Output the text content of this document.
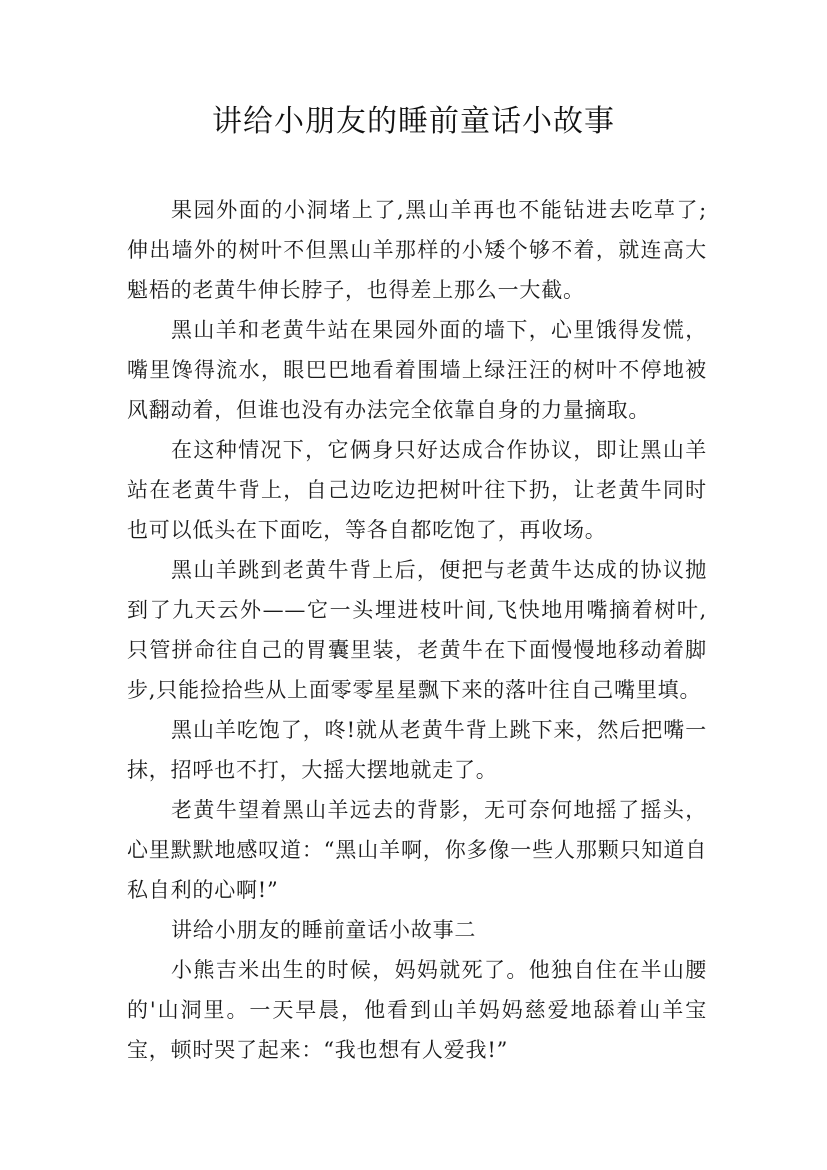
讲给小朋友的睡前童话小故事

果园外面的小洞堵上了,黑山羊再也不能钻进去吃草了;伸出墙外的树叶不但黑山羊那样的小矮个够不着，就连高大魁梧的老黄牛伸长脖子，也得差上那么一大截。

黑山羊和老黄牛站在果园外面的墙下，心里饿得发慌，嘴里馋得流水，眼巴巴地看着围墙上绿汪汪的树叶不停地被风翻动着，但谁也没有办法完全依靠自身的力量摘取。

在这种情况下，它俩身只好达成合作协议，即让黑山羊站在老黄牛背上，自己边吃边把树叶往下扔，让老黄牛同时也可以低头在下面吃，等各自都吃饱了，再收场。

黑山羊跳到老黄牛背上后，便把与老黄牛达成的协议抛到了九天云外——它一头埋进枝叶间,飞快地用嘴摘着树叶,只管拼命往自己的胃囊里装，老黄牛在下面慢慢地移动着脚步,只能捡拾些从上面零零星星飘下来的落叶往自己嘴里填。

黑山羊吃饱了，咚!就从老黄牛背上跳下来，然后把嘴一抹，招呼也不打，大摇大摆地就走了。

老黄牛望着黑山羊远去的背影，无可奈何地摇了摇头，心里默默地感叹道：“黑山羊啊，你多像一些人那颗只知道自私自利的心啊!”

讲给小朋友的睡前童话小故事二

小熊吉米出生的时候，妈妈就死了。他独自住在半山腰的'山洞里。一天早晨，他看到山羊妈妈慈爱地舔着山羊宝宝，顿时哭了起来：“我也想有人爱我!”
